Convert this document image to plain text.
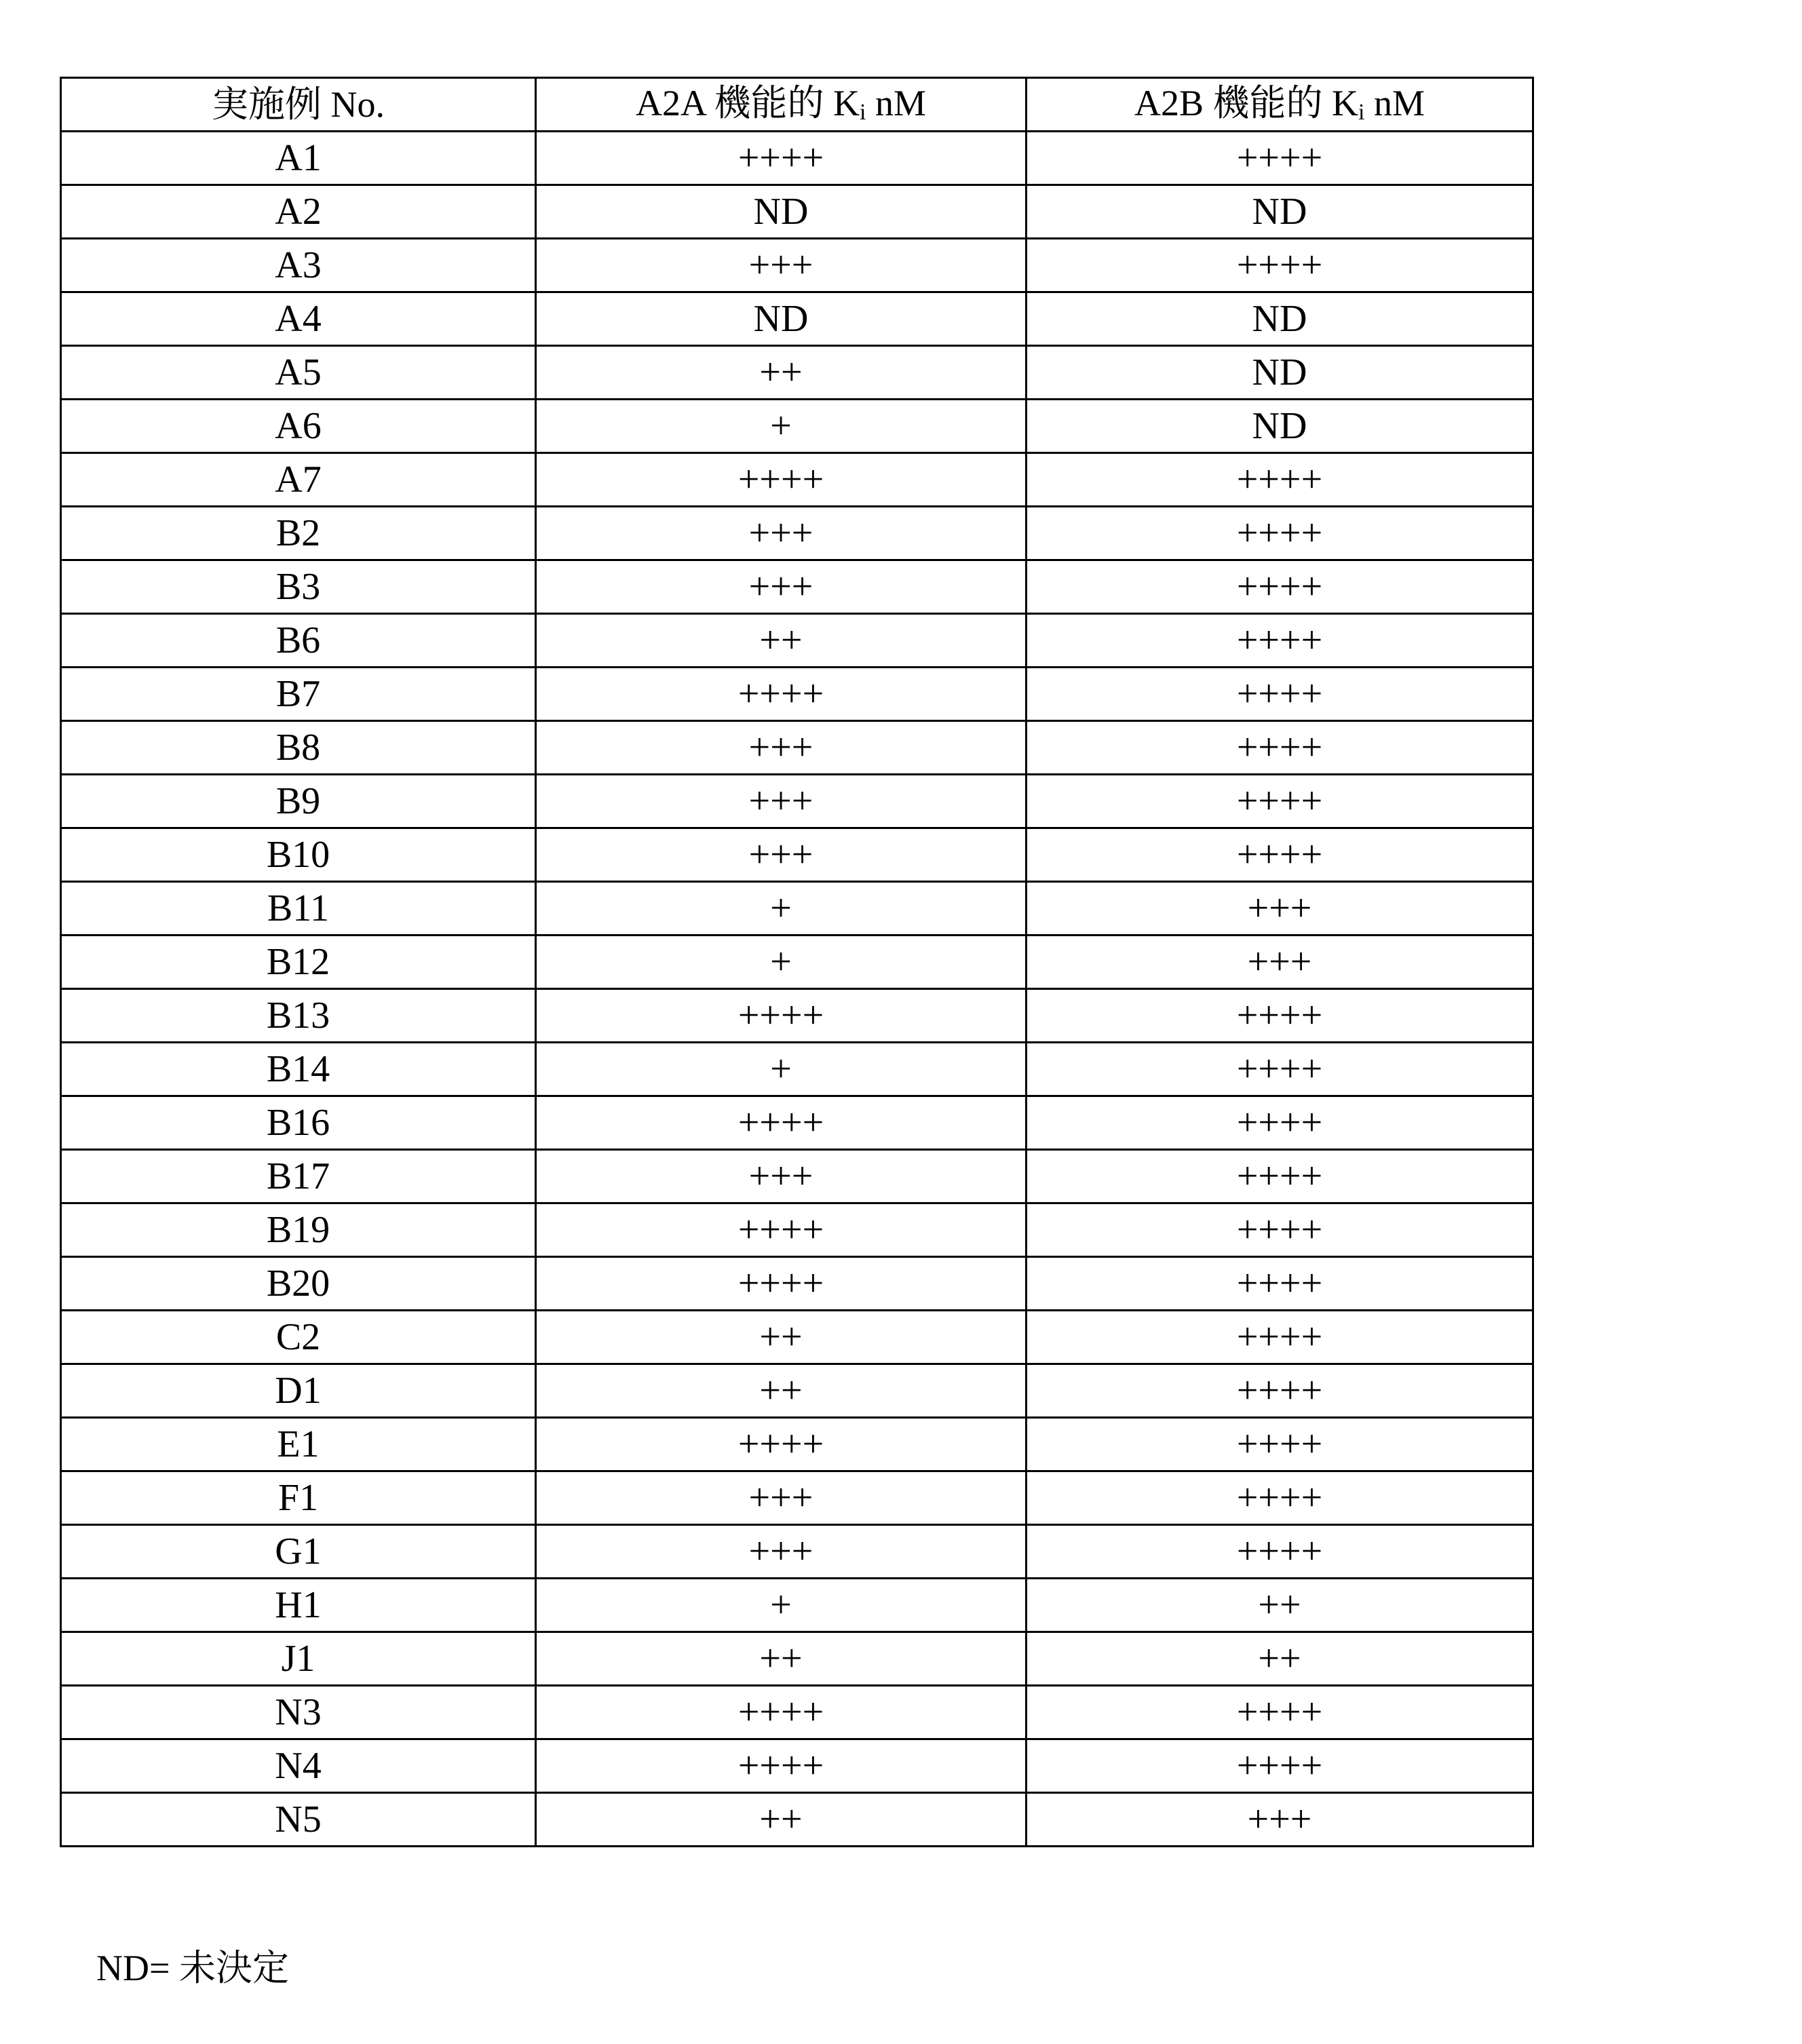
実施例 No.	A2A 機能的 Ki nM	A2B 機能的 Ki nM
A1	++++	++++
A2	ND	ND
A3	+++	++++
A4	ND	ND
A5	++	ND
A6	+	ND
A7	++++	++++
B2	+++	++++
B3	+++	++++
B6	++	++++
B7	++++	++++
B8	+++	++++
B9	+++	++++
B10	+++	++++
B11	+	+++
B12	+	+++
B13	++++	++++
B14	+	++++
B16	++++	++++
B17	+++	++++
B19	++++	++++
B20	++++	++++
C2	++	++++
D1	++	++++
E1	++++	++++
F1	+++	++++
G1	+++	++++
H1	+	++
J1	++	++
N3	++++	++++
N4	++++	++++
N5	++	+++
ND= 未決定
